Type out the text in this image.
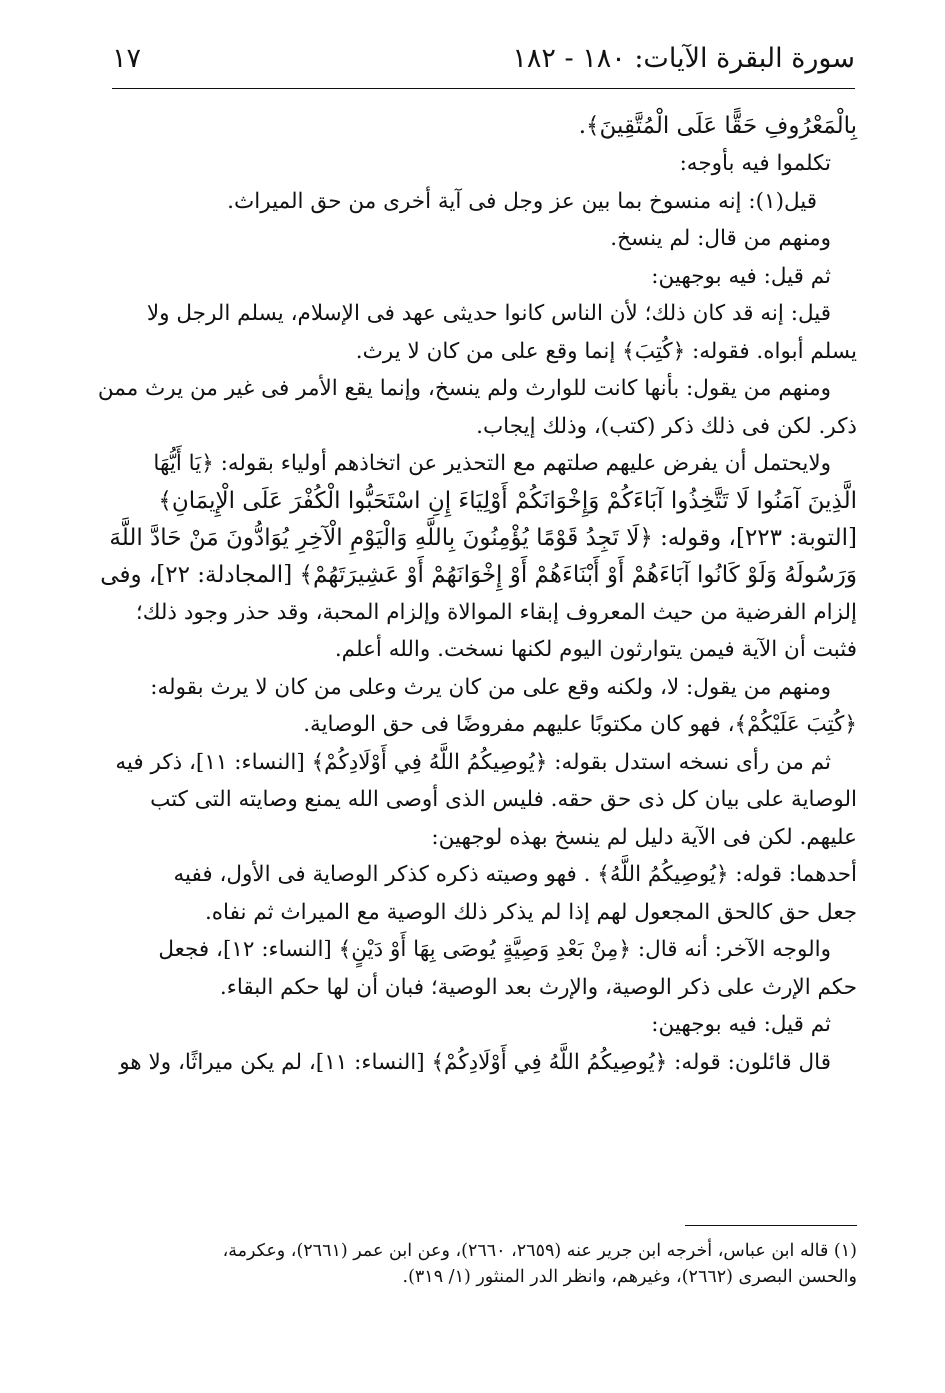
سورة البقرة الآيات: ١٨٠ - ١٨٢
١٧
بِالْمَعْرُوفِ حَقًّا عَلَى الْمُتَّقِينَ﴾.
تكلموا فيه بأوجه:
قيل(١): إنه منسوخ بما بين عز وجل فى آية أخرى من حق الميراث.
ومنهم من قال: لم ينسخ.
ثم قيل: فيه بوجهين:
قيل: إنه قد كان ذلك؛ لأن الناس كانوا حديثى عهد فى الإسلام، يسلم الرجل ولا
يسلم أبواه. فقوله: ﴿كُتِبَ﴾ إنما وقع على من كان لا يرث.
ومنهم من يقول: بأنها كانت للوارث ولم ينسخ، وإنما يقع الأمر فى غير من يرث ممن
ذكر. لكن فى ذلك ذكر (كتب)، وذلك إيجاب.
ولايحتمل أن يفرض عليهم صلتهم مع التحذير عن اتخاذهم أولياء بقوله: ﴿يَا أَيُّهَا
الَّذِينَ آمَنُوا لَا تَتَّخِذُوا آبَاءَكُمْ وَإِخْوَانَكُمْ أَوْلِيَاءَ إِنِ اسْتَحَبُّوا الْكُفْرَ عَلَى الْإِيمَانِ﴾
[التوبة: ٢٢٣]، وقوله: ﴿لَا تَجِدُ قَوْمًا يُؤْمِنُونَ بِاللَّهِ وَالْيَوْمِ الْآخِرِ يُوَادُّونَ مَنْ حَادَّ اللَّهَ
وَرَسُولَهُ وَلَوْ كَانُوا آبَاءَهُمْ أَوْ أَبْنَاءَهُمْ أَوْ إِخْوَانَهُمْ أَوْ عَشِيرَتَهُمْ﴾ [المجادلة: ٢٢]، وفى
إلزام الفرضية من حيث المعروف إبقاء الموالاة وإلزام المحبة، وقد حذر وجود ذلك؛
فثبت أن الآية فيمن يتوارثون اليوم لكنها نسخت. والله أعلم.
ومنهم من يقول: لا، ولكنه وقع على من كان يرث وعلى من كان لا يرث بقوله:
﴿كُتِبَ عَلَيْكُمْ﴾، فهو كان مكتوبًا عليهم مفروضًا فى حق الوصاية.
ثم من رأى نسخه استدل بقوله: ﴿يُوصِيكُمُ اللَّهُ فِي أَوْلَادِكُمْ﴾ [النساء: ١١]، ذكر فيه
الوصاية على بيان كل ذى حق حقه. فليس الذى أوصى الله يمنع وصايته التى كتب
عليهم. لكن فى الآية دليل لم ينسخ بهذه لوجهين:
أحدهما: قوله: ﴿يُوصِيكُمُ اللَّهُ﴾ . فهو وصيته ذكره كذكر الوصاية فى الأول، ففيه
جعل حق كالحق المجعول لهم إذا لم يذكر ذلك الوصية مع الميراث ثم نفاه.
والوجه الآخر: أنه قال: ﴿مِنْ بَعْدِ وَصِيَّةٍ يُوصَى بِهَا أَوْ دَيْنٍ﴾ [النساء: ١٢]، فجعل
حكم الإرث على ذكر الوصية، والإرث بعد الوصية؛ فبان أن لها حكم البقاء.
ثم قيل: فيه بوجهين:
قال قائلون: قوله: ﴿يُوصِيكُمُ اللَّهُ فِي أَوْلَادِكُمْ﴾ [النساء: ١١]، لم يكن ميراثًا، ولا هو
(١) قاله ابن عباس، أخرجه ابن جرير عنه (٢٦٥٩، ٢٦٦٠)، وعن ابن عمر (٢٦٦١)، وعكرمة،
والحسن البصرى (٢٦٦٢)، وغيرهم، وانظر الدر المنثور (١/ ٣١٩).
